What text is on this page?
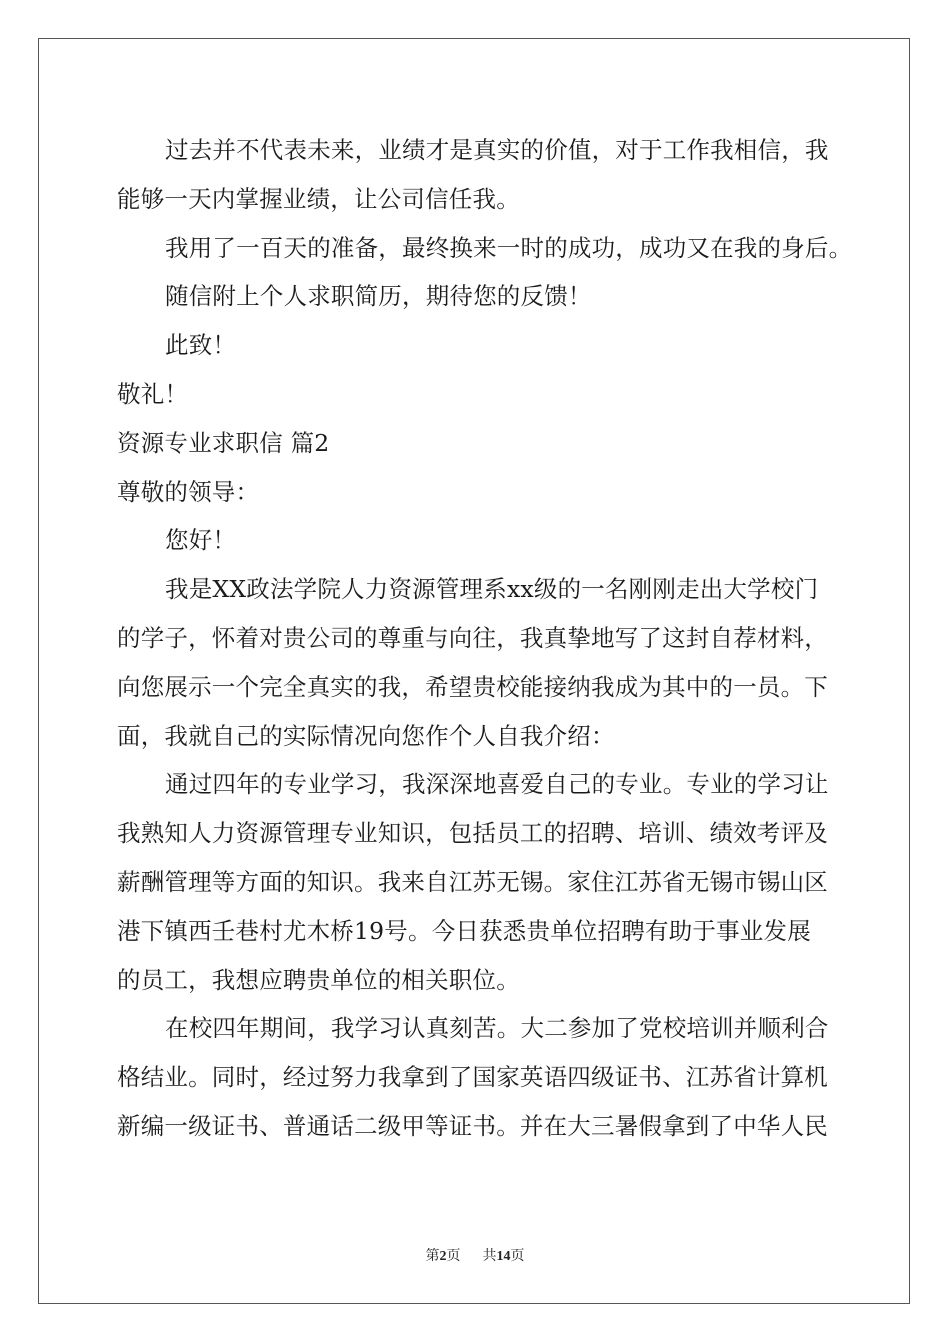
过去并不代表未来，业绩才是真实的价值，对于工作我相信，我
能够一天内掌握业绩，让公司信任我。
我用了一百天的准备，最终换来一时的成功，成功又在我的身后。
随信附上个人求职简历，期待您的反馈！
此致！
敬礼！
资源专业求职信 篇2
尊敬的领导：
您好！
我是XX政法学院人力资源管理系xx级的一名刚刚走出大学校门
的学子，怀着对贵公司的尊重与向往，我真挚地写了这封自荐材料，
向您展示一个完全真实的我，希望贵校能接纳我成为其中的一员。下
面，我就自己的实际情况向您作个人自我介绍：
通过四年的专业学习，我深深地喜爱自己的专业。专业的学习让
我熟知人力资源管理专业知识，包括员工的招聘、培训、绩效考评及
薪酬管理等方面的知识。我来自江苏无锡。家住江苏省无锡市锡山区
港下镇西壬巷村尤木桥19号。今日获悉贵单位招聘有助于事业发展
的员工，我想应聘贵单位的相关职位。
在校四年期间，我学习认真刻苦。大二参加了党校培训并顺利合
格结业。同时，经过努力我拿到了国家英语四级证书、江苏省计算机
新编一级证书、普通话二级甲等证书。并在大三暑假拿到了中华人民
第2页 共14页
